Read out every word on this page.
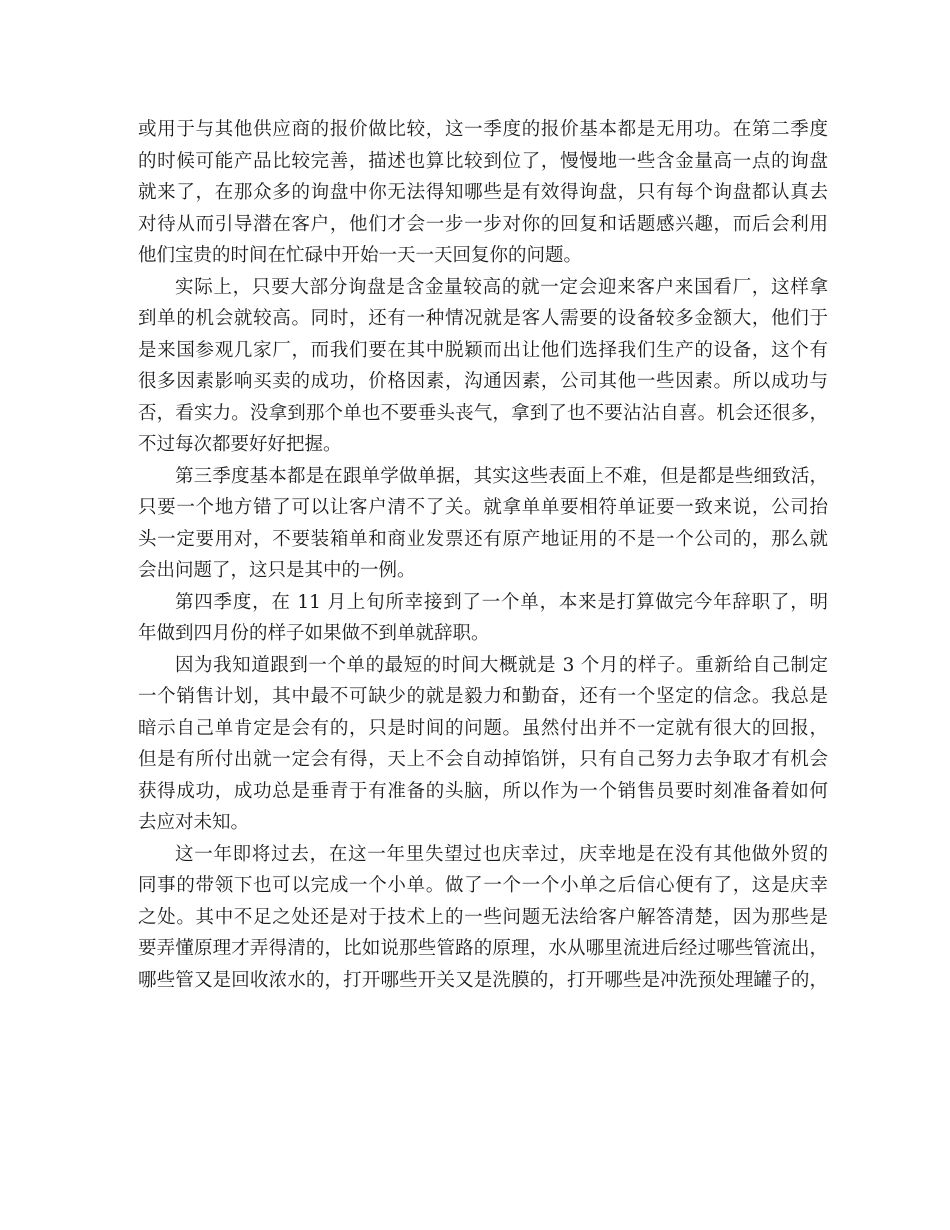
或用于与其他供应商的报价做比较，这一季度的报价基本都是无用功。在第二季度
的时候可能产品比较完善，描述也算比较到位了，慢慢地一些含金量高一点的询盘
就来了，在那众多的询盘中你无法得知哪些是有效得询盘，只有每个询盘都认真去
对待从而引导潜在客户，他们才会一步一步对你的回复和话题感兴趣，而后会利用
他们宝贵的时间在忙碌中开始一天一天回复你的问题。
实际上，只要大部分询盘是含金量较高的就一定会迎来客户来国看厂，这样拿
到单的机会就较高。同时，还有一种情况就是客人需要的设备较多金额大，他们于
是来国参观几家厂，而我们要在其中脱颖而出让他们选择我们生产的设备，这个有
很多因素影响买卖的成功，价格因素，沟通因素，公司其他一些因素。所以成功与
否，看实力。没拿到那个单也不要垂头丧气，拿到了也不要沾沾自喜。机会还很多，
不过每次都要好好把握。
第三季度基本都是在跟单学做单据，其实这些表面上不难，但是都是些细致活，
只要一个地方错了可以让客户清不了关。就拿单单要相符单证要一致来说，公司抬
头一定要用对，不要装箱单和商业发票还有原产地证用的不是一个公司的，那么就
会出问题了，这只是其中的一例。
第四季度，在 11 月上旬所幸接到了一个单，本来是打算做完今年辞职了，明
年做到四月份的样子如果做不到单就辞职。
因为我知道跟到一个单的最短的时间大概就是 3 个月的样子。重新给自己制定
一个销售计划，其中最不可缺少的就是毅力和勤奋，还有一个坚定的信念。我总是
暗示自己单肯定是会有的，只是时间的问题。虽然付出并不一定就有很大的回报，
但是有所付出就一定会有得，天上不会自动掉馅饼，只有自己努力去争取才有机会
获得成功，成功总是垂青于有准备的头脑，所以作为一个销售员要时刻准备着如何
去应对未知。
这一年即将过去，在这一年里失望过也庆幸过，庆幸地是在没有其他做外贸的
同事的带领下也可以完成一个小单。做了一个一个小单之后信心便有了，这是庆幸
之处。其中不足之处还是对于技术上的一些问题无法给客户解答清楚，因为那些是
要弄懂原理才弄得清的，比如说那些管路的原理，水从哪里流进后经过哪些管流出，
哪些管又是回收浓水的，打开哪些开关又是洗膜的，打开哪些是冲洗预处理罐子的，
